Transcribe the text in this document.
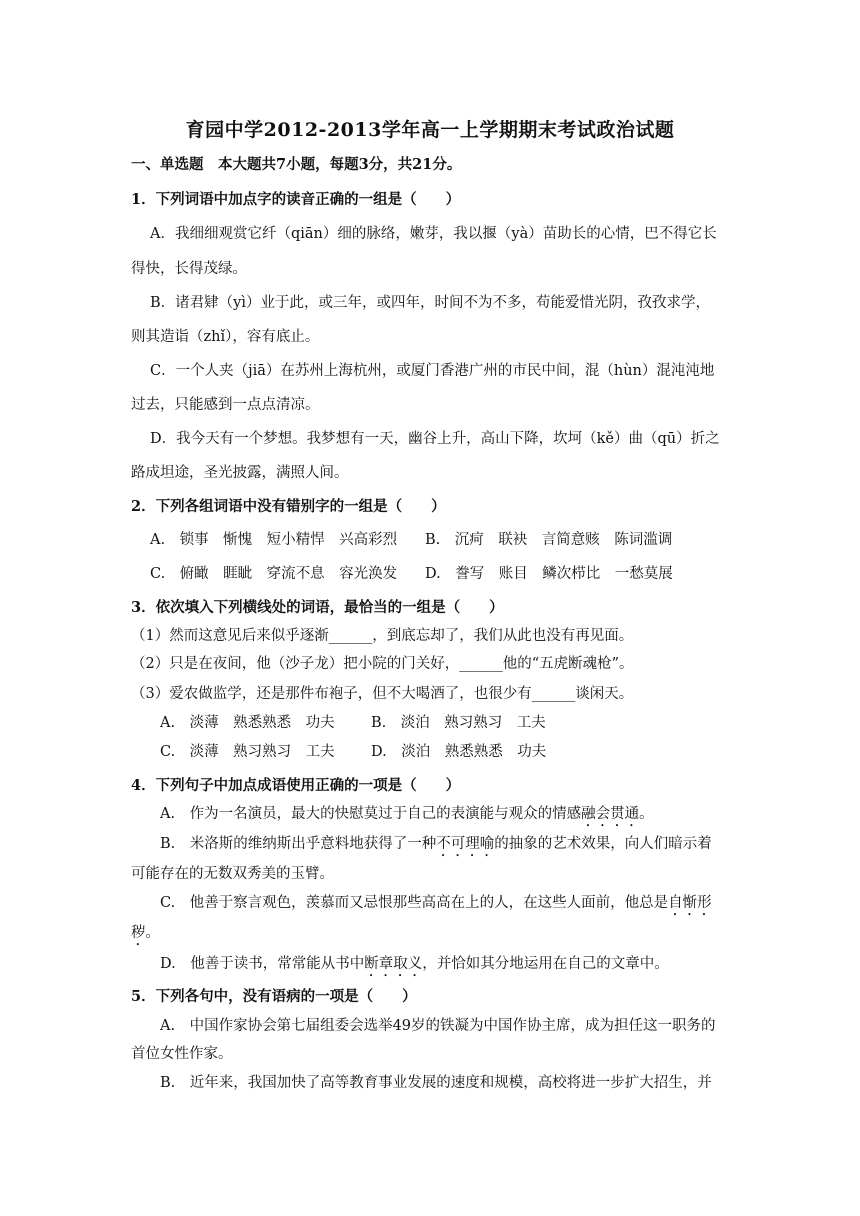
育园中学2012-2013学年高一上学期期末考试政治试题
一、单选题　本大题共7小题，每题3分，共21分。
1．下列词语中加点字的读音正确的一组是（　　）
A．我细细观赏它纤（qiān）细的脉络，嫩芽，我以揠（yà）苗助长的心情，巴不得它长
得快，长得茂绿。
B．诸君肄（yì）业于此，或三年，或四年，时间不为不多，苟能爱惜光阴，孜孜求学，
则其造诣（zhǐ），容有底止。
C．一个人夹（jiā）在苏州上海杭州，或厦门香港广州的市民中间，混（hùn）混沌沌地
过去，只能感到一点点清凉。
D．我今天有一个梦想。我梦想有一天，幽谷上升，高山下降，坎坷（kě）曲（qū）折之
路成坦途，圣光披露，满照人间。
2．下列各组词语中没有错别字的一组是（　　）
A.　锁事　惭愧　短小精悍　兴高彩烈 B.　沉疴　联袂　言简意赅　陈词滥调
C.　俯瞰　睚眦　穿流不息　容光涣发 D.　誊写　账目　鳞次栉比　一愁莫展
3．依次填入下列横线处的词语，最恰当的一组是（　　）
（1）然而这意见后来似乎逐渐______，到底忘却了，我们从此也没有再见面。
（2）只是在夜间，他（沙子龙）把小院的门关好，______他的“五虎断魂枪”。
（3）爱农做监学，还是那件布袍子，但不大喝酒了，也很少有______谈闲天。
A.　淡薄　熟悉熟悉　功夫	B.　淡泊　熟习熟习　工夫
C.　淡薄　熟习熟习　工夫	D.　淡泊　熟悉熟悉　功夫
4．下列句子中加点成语使用正确的一项是（　　）
A.　作为一名演员，最大的快慰莫过于自己的表演能与观众的情感融会贯通。
B.　米洛斯的维纳斯出乎意料地获得了一种不可理喻的抽象的艺术效果，向人们暗示着
可能存在的无数双秀美的玉臂。
C.　他善于察言观色，羡慕而又忌恨那些高高在上的人，在这些人面前，他总是自惭形
秽。
D.　他善于读书，常常能从书中断章取义，并恰如其分地运用在自己的文章中。
5．下列各句中，没有语病的一项是（　　）
A.　中国作家协会第七届组委会选举49岁的铁凝为中国作协主席，成为担任这一职务的
首位女性作家。
B.　近年来，我国加快了高等教育事业发展的速度和规模，高校将进一步扩大招生，并
